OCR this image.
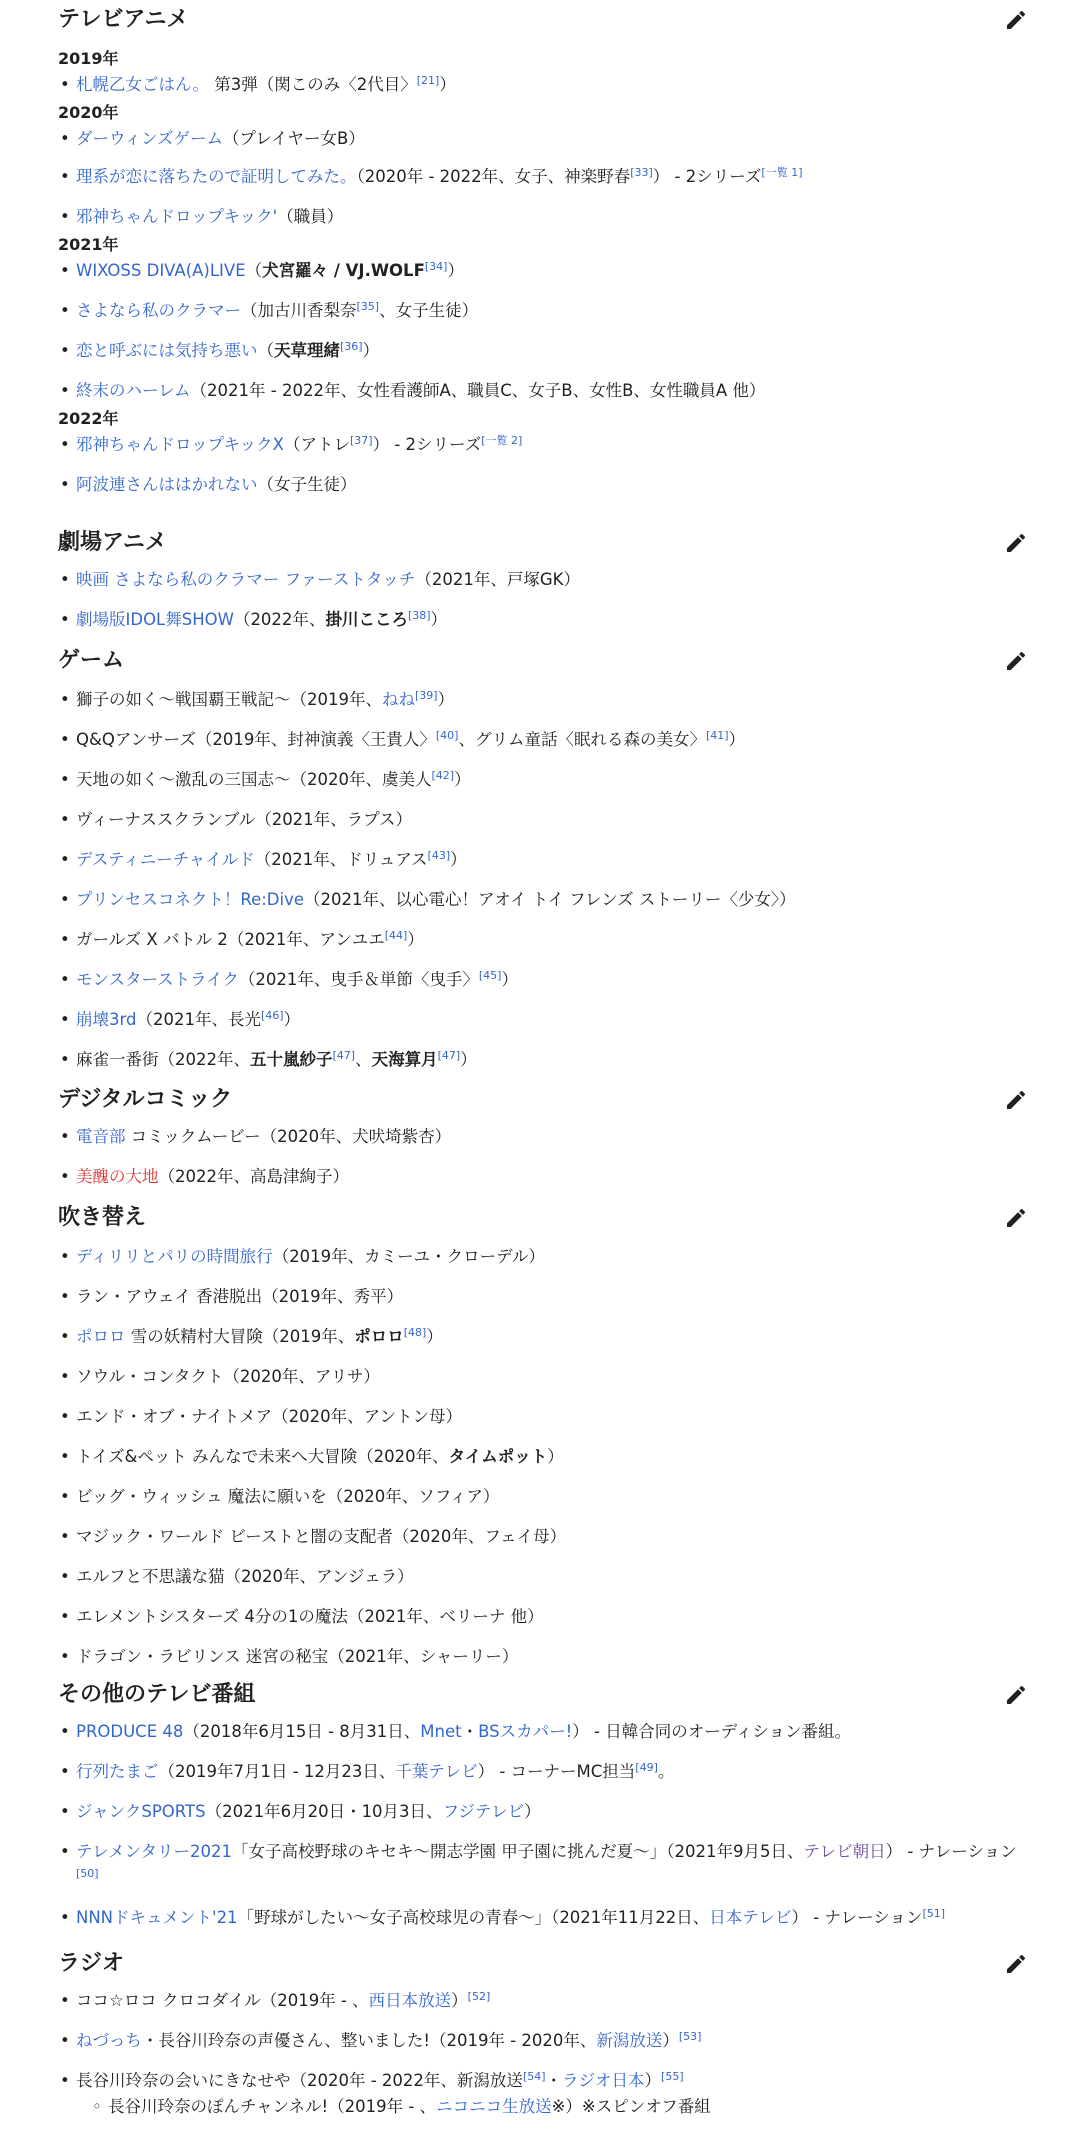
テレビアニメ
2019年
• 札幌乙女ごはん。 第3弾（関このみ〈2代目〉[21]）
2020年
• ダーウィンズゲーム（プレイヤー女B）
• 理系が恋に落ちたので証明してみた。（2020年 - 2022年、女子、神楽野春[33]） - 2シリーズ[一覧 1]
• 邪神ちゃんドロップキック'（職員）
2021年
• WIXOSS DIVA(A)LIVE（犬宮羅々 / VJ.WOLF[34]）
• さよなら私のクラマー（加古川香梨奈[35]、女子生徒）
• 恋と呼ぶには気持ち悪い（天草理緒[36]）
• 終末のハーレム（2021年 - 2022年、女性看護師A、職員C、女子B、女性B、女性職員A 他）
2022年
• 邪神ちゃんドロップキックX（アトレ[37]） - 2シリーズ[一覧 2]
• 阿波連さんははかれない（女子生徒）
劇場アニメ
• 映画 さよなら私のクラマー ファーストタッチ（2021年、戸塚GK）
• 劇場版IDOL舞SHOW（2022年、掛川こころ[38]）
ゲーム
• 獅子の如く〜戦国覇王戦記〜（2019年、ねね[39]）
• Q&Qアンサーズ（2019年、封神演義〈王貴人〉[40]、グリム童話〈眠れる森の美女〉[41]）
• 天地の如く〜激乱の三国志〜（2020年、虞美人[42]）
• ヴィーナススクランブル（2021年、ラプス）
• デスティニーチャイルド（2021年、ドリュアス[43]）
• プリンセスコネクト！Re:Dive（2021年、以心電心！アオイ トイ フレンズ ストーリー〈少女〉）
• ガールズ X バトル 2（2021年、アンユエ[44]）
• モンスターストライク（2021年、曳手＆単節〈曳手〉[45]）
• 崩壊3rd（2021年、長光[46]）
• 麻雀一番街（2022年、五十嵐紗子[47]、天海算月[47]）
デジタルコミック
• 電音部 コミックムービー（2020年、犬吠埼紫杏）
• 美醜の大地（2022年、高島津絢子）
吹き替え
• ディリリとパリの時間旅行（2019年、カミーユ・クローデル）
• ラン・アウェイ 香港脱出（2019年、秀平）
• ポロロ 雪の妖精村大冒険（2019年、ポロロ[48]）
• ソウル・コンタクト（2020年、アリサ）
• エンド・オブ・ナイトメア（2020年、アントン母）
• トイズ&ペット みんなで未来へ大冒険（2020年、タイムポット）
• ビッグ・ウィッシュ 魔法に願いを（2020年、ソフィア）
• マジック・ワールド ビーストと闇の支配者（2020年、フェイ母）
• エルフと不思議な猫（2020年、アンジェラ）
• エレメントシスターズ 4分の1の魔法（2021年、ベリーナ 他）
• ドラゴン・ラビリンス 迷宮の秘宝（2021年、シャーリー）
その他のテレビ番組
• PRODUCE 48（2018年6月15日 - 8月31日、Mnet・BSスカパー!） - 日韓合同のオーディション番組。
• 行列たまご（2019年7月1日 - 12月23日、千葉テレビ） - コーナーMC担当[49]。
• ジャンクSPORTS（2021年6月20日・10月3日、フジテレビ）
• テレメンタリー2021「女子高校野球のキセキ〜開志学園 甲子園に挑んだ夏〜」（2021年9月5日、テレビ朝日） - ナレーション[50]
• NNNドキュメント'21「野球がしたい〜女子高校球児の青春〜」（2021年11月22日、日本テレビ） - ナレーション[51]
ラジオ
• ココ☆ロコ クロコダイル（2019年 - 、西日本放送）[52]
• ねづっち・長谷川玲奈の声優さん、整いました!（2019年 - 2020年、新潟放送）[53]
• 長谷川玲奈の会いにきなせや（2020年 - 2022年、新潟放送[54]・ラジオ日本）[55]
◦ 長谷川玲奈のぽんチャンネル!（2019年 - 、ニコニコ生放送※）※スピンオフ番組
